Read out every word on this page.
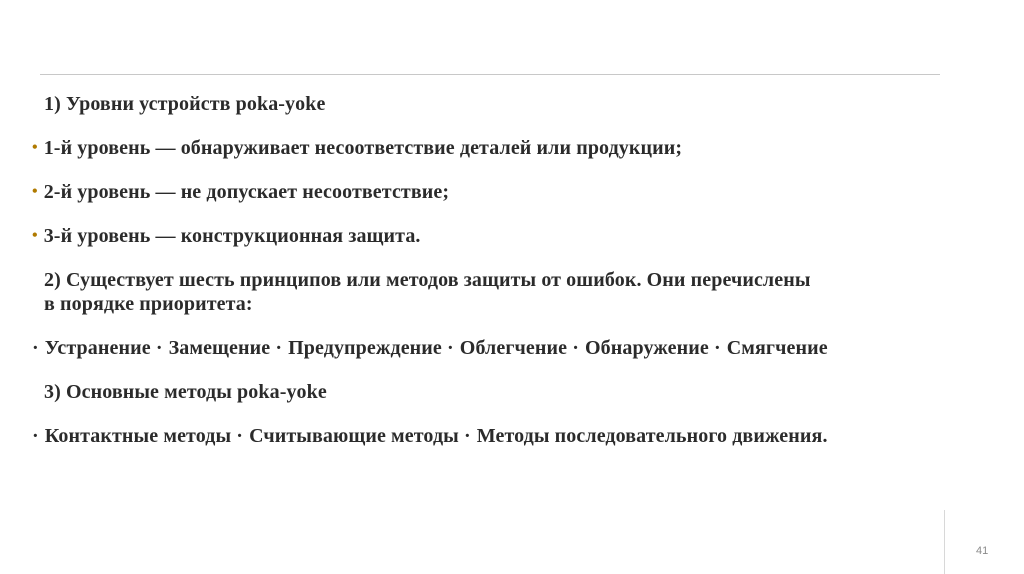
1) Уровни устройств poka-yoke
• 1-й уровень — обнаруживает несоответствие деталей или продукции;
• 2-й уровень — не допускает несоответствие;
• 3-й уровень — конструкционная защита.
2) Существует шесть принципов или методов защиты от ошибок. Они перечислены
в порядке приоритета:
· Устранение · Замещение · Предупреждение · Облегчение · Обнаружение · Смягчение
3) Основные методы poka-yoke
· Контактные методы · Считывающие методы · Методы последовательного движения.
41
